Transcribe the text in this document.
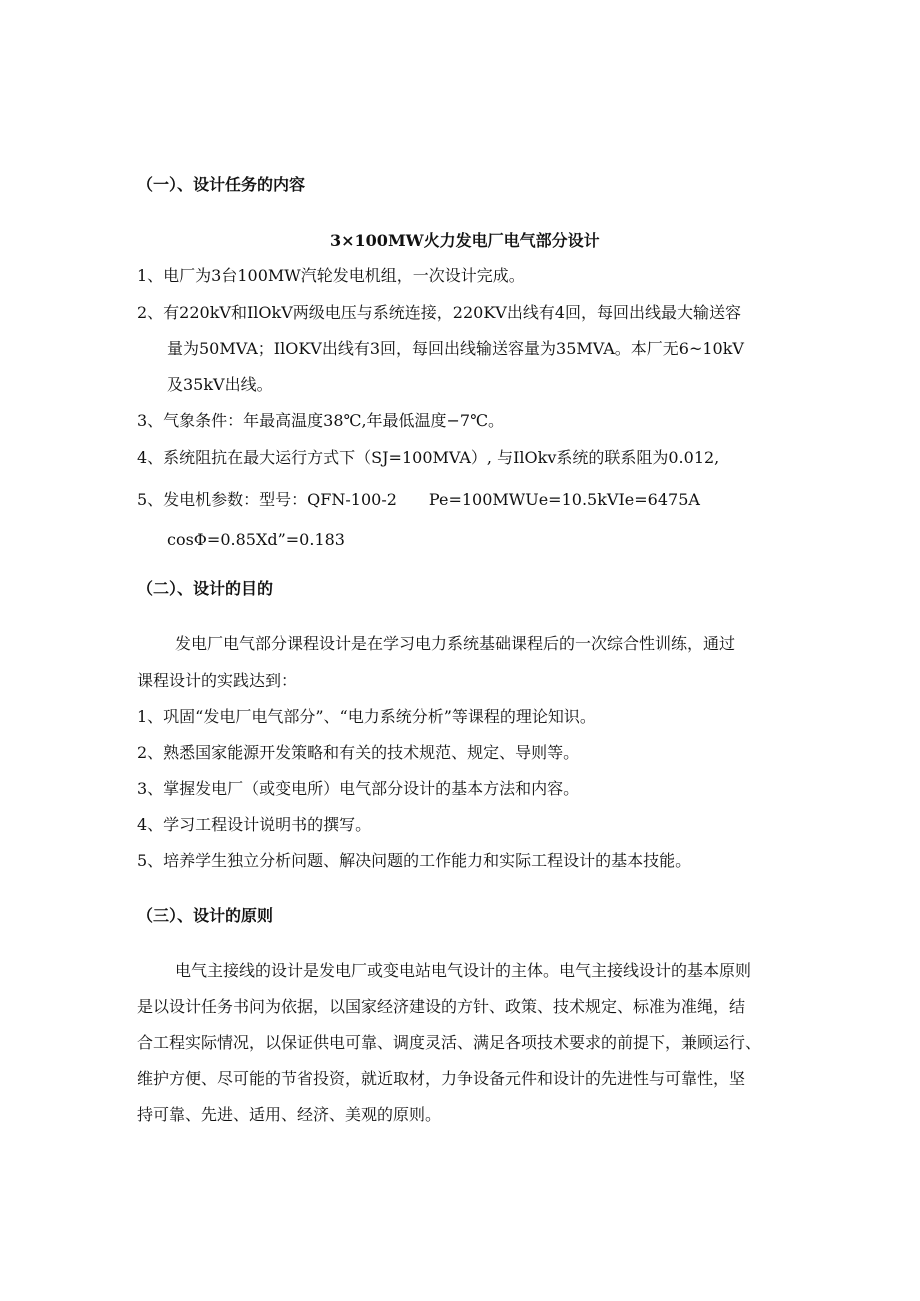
（一）、设计任务的内容
3×100MW火力发电厂电气部分设计
1、电厂为3台100MW汽轮发电机组，一次设计完成。
2、有220kV和IlOkV两级电压与系统连接，220KV出线有4回，每回出线最大输送容
量为50MVA；IlOKV出线有3回，每回出线输送容量为35MVA。本厂无6~10kV
及35kV出线。
3、气象条件：年最高温度38℃,年最低温度−7℃。
4、系统阻抗在最大运行方式下（SJ=100MVA）, 与IlOkv系统的联系阻为0.012,
5、发电机参数：型号：QFN-100-2　　Pe=100MWUe=10.5kVIe=6475A
cosΦ=0.85Xd”=0.183
（二）、设计的目的
发电厂电气部分课程设计是在学习电力系统基础课程后的一次综合性训练，通过
课程设计的实践达到：
1、巩固“发电厂电气部分”、“电力系统分析”等课程的理论知识。
2、熟悉国家能源开发策略和有关的技术规范、规定、导则等。
3、掌握发电厂（或变电所）电气部分设计的基本方法和内容。
4、学习工程设计说明书的撰写。
5、培养学生独立分析问题、解决问题的工作能力和实际工程设计的基本技能。
（三）、设计的原则
电气主接线的设计是发电厂或变电站电气设计的主体。电气主接线设计的基本原则
是以设计任务书问为依据，以国家经济建设的方针、政策、技术规定、标准为准绳，结
合工程实际情况，以保证供电可靠、调度灵活、满足各项技术要求的前提下，兼顾运行、
维护方便、尽可能的节省投资，就近取材，力争设备元件和设计的先进性与可靠性，坚
持可靠、先进、适用、经济、美观的原则。
